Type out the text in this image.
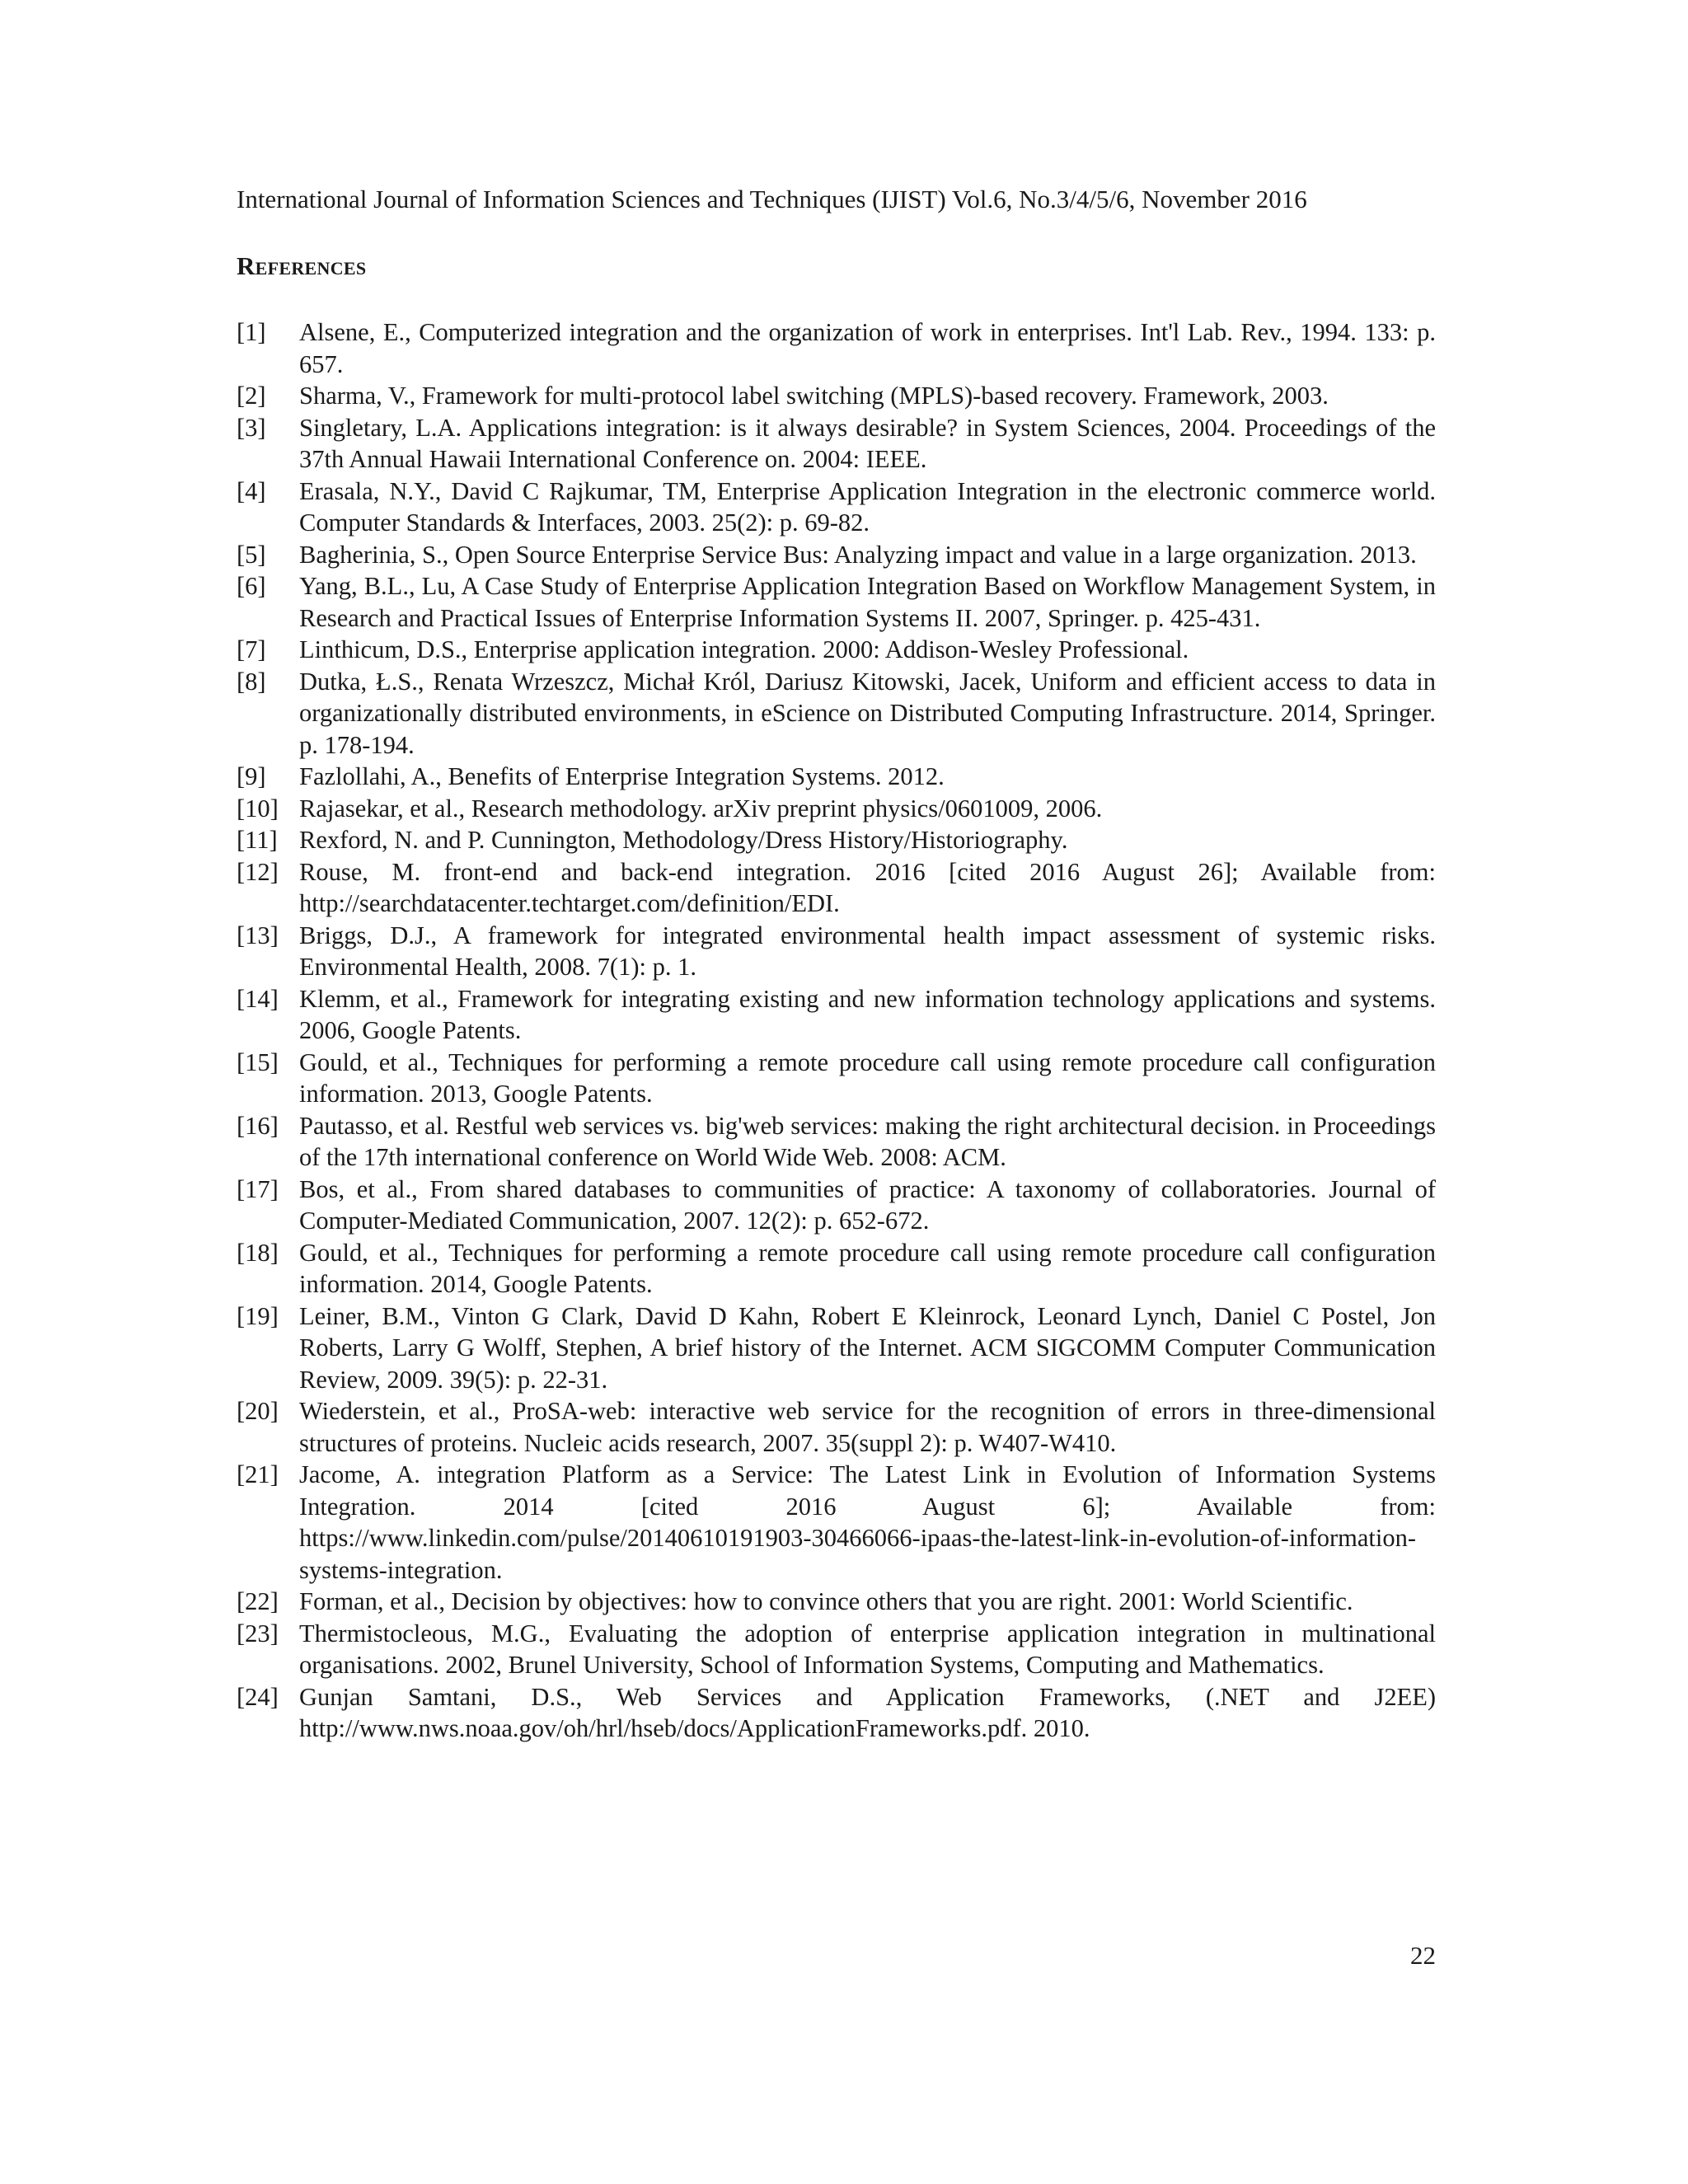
International Journal of Information Sciences and Techniques (IJIST) Vol.6, No.3/4/5/6, November 2016
References
[1]	Alsene, E., Computerized integration and the organization of work in enterprises. Int'l Lab. Rev., 1994. 133: p. 657.
[2]	Sharma, V., Framework for multi-protocol label switching (MPLS)-based recovery. Framework, 2003.
[3]	Singletary, L.A. Applications integration: is it always desirable? in System Sciences, 2004. Proceedings of the 37th Annual Hawaii International Conference on. 2004: IEEE.
[4]	Erasala, N.Y., David C Rajkumar, TM, Enterprise Application Integration in the electronic commerce world. Computer Standards & Interfaces, 2003. 25(2): p. 69-82.
[5]	Bagherinia, S., Open Source Enterprise Service Bus: Analyzing impact and value in a large organization. 2013.
[6]	Yang, B.L., Lu, A Case Study of Enterprise Application Integration Based on Workflow Management System, in Research and Practical Issues of Enterprise Information Systems II. 2007, Springer. p. 425-431.
[7]	Linthicum, D.S., Enterprise application integration. 2000: Addison-Wesley Professional.
[8]	Dutka, Ł.S., Renata Wrzeszcz, Michał Król, Dariusz Kitowski, Jacek, Uniform and efficient access to data in organizationally distributed environments, in eScience on Distributed Computing Infrastructure. 2014, Springer. p. 178-194.
[9]	Fazlollahi, A., Benefits of Enterprise Integration Systems. 2012.
[10] Rajasekar, et al., Research methodology. arXiv preprint physics/0601009, 2006.
[11] Rexford, N. and P. Cunnington, Methodology/Dress History/Historiography.
[12] Rouse, M. front-end and back-end integration. 2016 [cited 2016 August 26]; Available from: http://searchdatacenter.techtarget.com/definition/EDI.
[13] Briggs, D.J., A framework for integrated environmental health impact assessment of systemic risks. Environmental Health, 2008. 7(1): p. 1.
[14] Klemm, et al., Framework for integrating existing and new information technology applications and systems. 2006, Google Patents.
[15] Gould, et al., Techniques for performing a remote procedure call using remote procedure call configuration information. 2013, Google Patents.
[16] Pautasso, et al. Restful web services vs. big'web services: making the right architectural decision. in Proceedings of the 17th international conference on World Wide Web. 2008: ACM.
[17] Bos, et al., From shared databases to communities of practice: A taxonomy of collaboratories. Journal of Computer-Mediated Communication, 2007. 12(2): p. 652-672.
[18] Gould, et al., Techniques for performing a remote procedure call using remote procedure call configuration information. 2014, Google Patents.
[19] Leiner, B.M., Vinton G Clark, David D Kahn, Robert E Kleinrock, Leonard Lynch, Daniel C Postel, Jon Roberts, Larry G Wolff, Stephen, A brief history of the Internet. ACM SIGCOMM Computer Communication Review, 2009. 39(5): p. 22-31.
[20] Wiederstein, et al., ProSA-web: interactive web service for the recognition of errors in three-dimensional structures of proteins. Nucleic acids research, 2007. 35(suppl 2): p. W407-W410.
[21] Jacome, A. integration Platform as a Service: The Latest Link in Evolution of Information Systems
Integration. 2014 [cited 2016 August 6]; Available from:
https://www.linkedin.com/pulse/20140610191903-30466066-ipaas-the-latest-link-in-evolution-of-information-systems-integration.
[22] Forman, et al., Decision by objectives: how to convince others that you are right. 2001: World Scientific.
[23] Thermistocleous, M.G., Evaluating the adoption of enterprise application integration in multinational organisations. 2002, Brunel University, School of Information Systems, Computing and Mathematics.
[24] Gunjan Samtani, D.S., Web Services and Application Frameworks, (.NET and J2EE)
http://www.nws.noaa.gov/oh/hrl/hseb/docs/ApplicationFrameworks.pdf. 2010.
22
